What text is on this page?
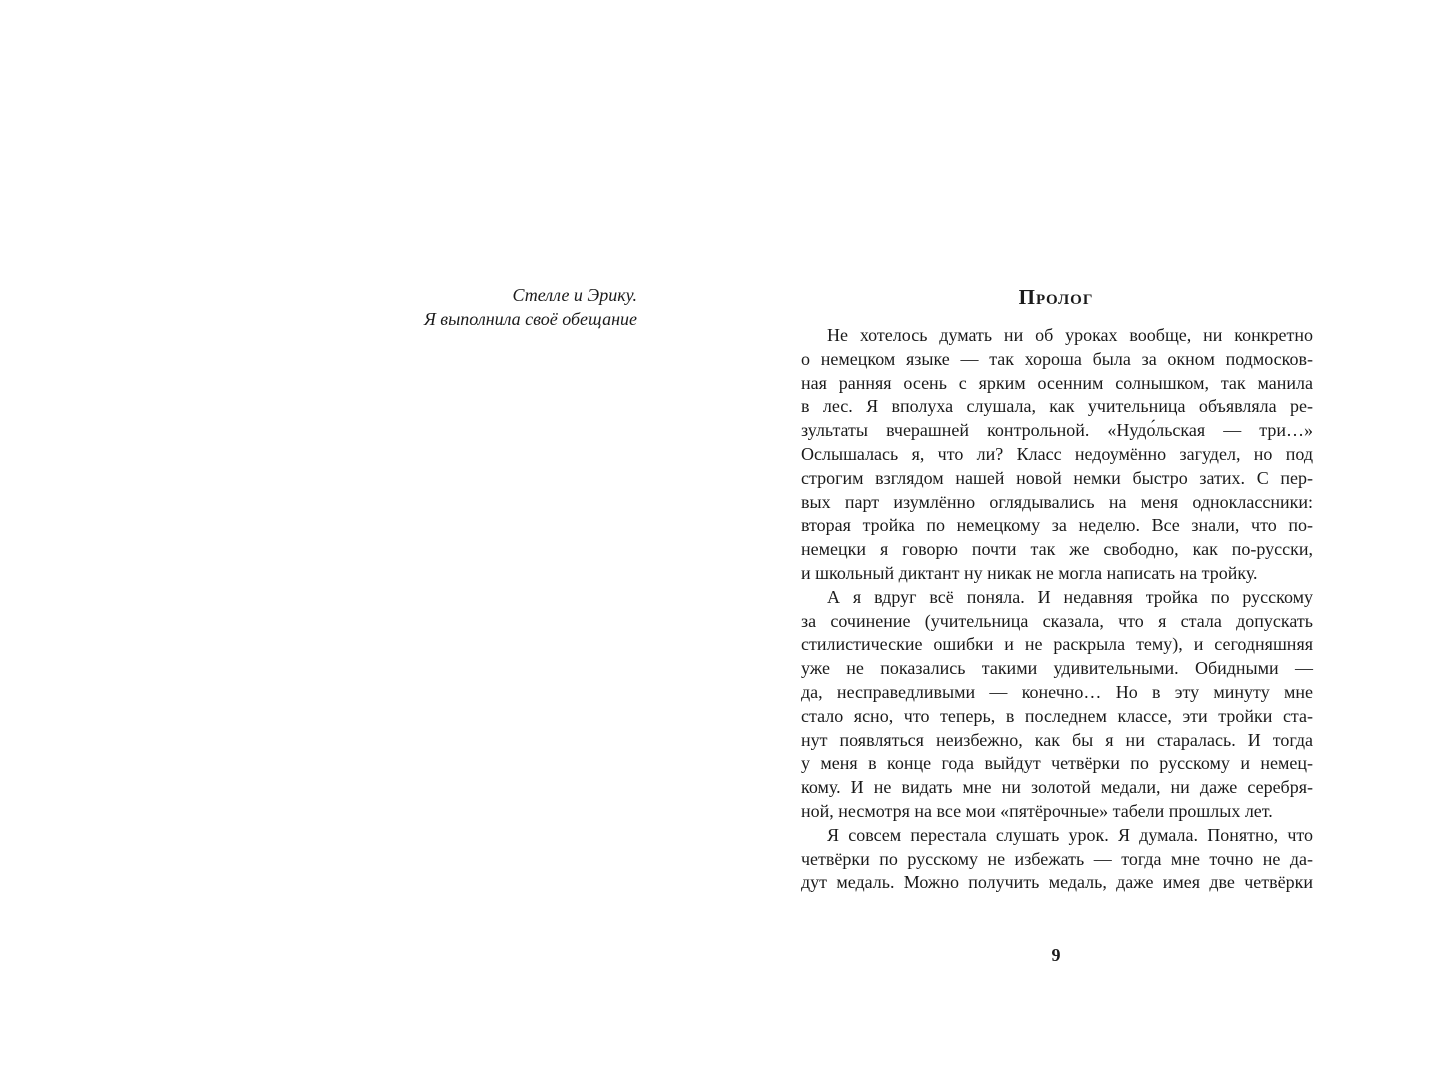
Стелле и Эрику.
Я выполнила своё обещание
Пролог
Не хотелось думать ни об уроках вообще, ни конкретно
о немецком языке — так хороша была за окном подмосков-
ная ранняя осень с ярким осенним солнышком, так манила
в лес. Я вполуха слушала, как учительница объявляла ре-
зультаты вчерашней контрольной. «Нудо́льская — три…»
Ослышалась я, что ли? Класс недоумённо загудел, но под
строгим взглядом нашей новой немки быстро затих. С пер-
вых парт изумлённо оглядывались на меня одноклассники:
вторая тройка по немецкому за неделю. Все знали, что по-
немецки я говорю почти так же свободно, как по-русски,
и школьный диктант ну никак не могла написать на тройку.
А я вдруг всё поняла. И недавняя тройка по русскому
за сочинение (учительница сказала, что я стала допускать
стилистические ошибки и не раскрыла тему), и сегодняшняя
уже не показались такими удивительными. Обидными —
да, несправедливыми — конечно… Но в эту минуту мне
стало ясно, что теперь, в последнем классе, эти тройки ста-
нут появляться неизбежно, как бы я ни старалась. И тогда
у меня в конце года выйдут четвёрки по русскому и немец-
кому. И не видать мне ни золотой медали, ни даже серебря-
ной, несмотря на все мои «пятёрочные» табели прошлых лет.
Я совсем перестала слушать урок. Я думала. Понятно, что
четвёрки по русскому не избежать — тогда мне точно не да-
дут медаль. Можно получить медаль, даже имея две четвёрки
9
